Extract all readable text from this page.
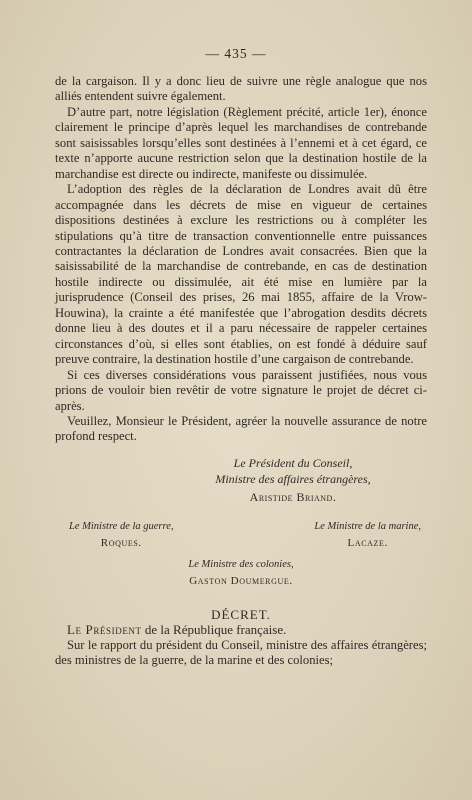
— 435 —

de la cargaison. Il y a donc lieu de suivre une règle analogue que nos alliés entendent suivre également.

D’autre part, notre législation (Règlement précité, article 1er), énonce clairement le principe d’après lequel les marchandises de contrebande sont saisissables lorsqu’elles sont destinées à l’ennemi et à cet égard, ce texte n’apporte aucune restriction selon que la destination hostile de la marchandise est directe ou indirecte, manifeste ou dissimulée.

L’adoption des règles de la déclaration de Londres avait dû être accompagnée dans les décrets de mise en vigueur de certaines dispositions destinées à exclure les restrictions ou à compléter les stipulations qu’à titre de transaction conventionnelle entre puissances contractantes la déclaration de Londres avait consacrées. Bien que la saisissabilité de la marchandise de contrebande, en cas de destination hostile indirecte ou dissimulée, ait été mise en lumière par la jurisprudence (Conseil des prises, 26 mai 1855, affaire de la Vrow-Houwina), la crainte a été manifestée que l’abrogation desdits décrets donne lieu à des doutes et il a paru nécessaire de rappeler certaines circonstances d’où, si elles sont établies, on est fondé à déduire sauf preuve contraire, la destination hostile d’une cargaison de contrebande.

Si ces diverses considérations vous paraissent justifiées, nous vous prions de vouloir bien revêtir de votre signature le projet de décret ci-après.

Veuillez, Monsieur le Président, agréer la nouvelle assurance de notre profond respect.

Le Président du Conseil,
Ministre des affaires étrangères,
Aristide Briand.
Le Ministre de la guerre,
Roques.
Le Ministre de la marine,
Lacaze.
Le Ministre des colonies,
Gaston Doumergue.
DÉCRET.

Le Président de la République française.

Sur le rapport du président du Conseil, ministre des affaires étrangères; des ministres de la guerre, de la marine et des colonies;
